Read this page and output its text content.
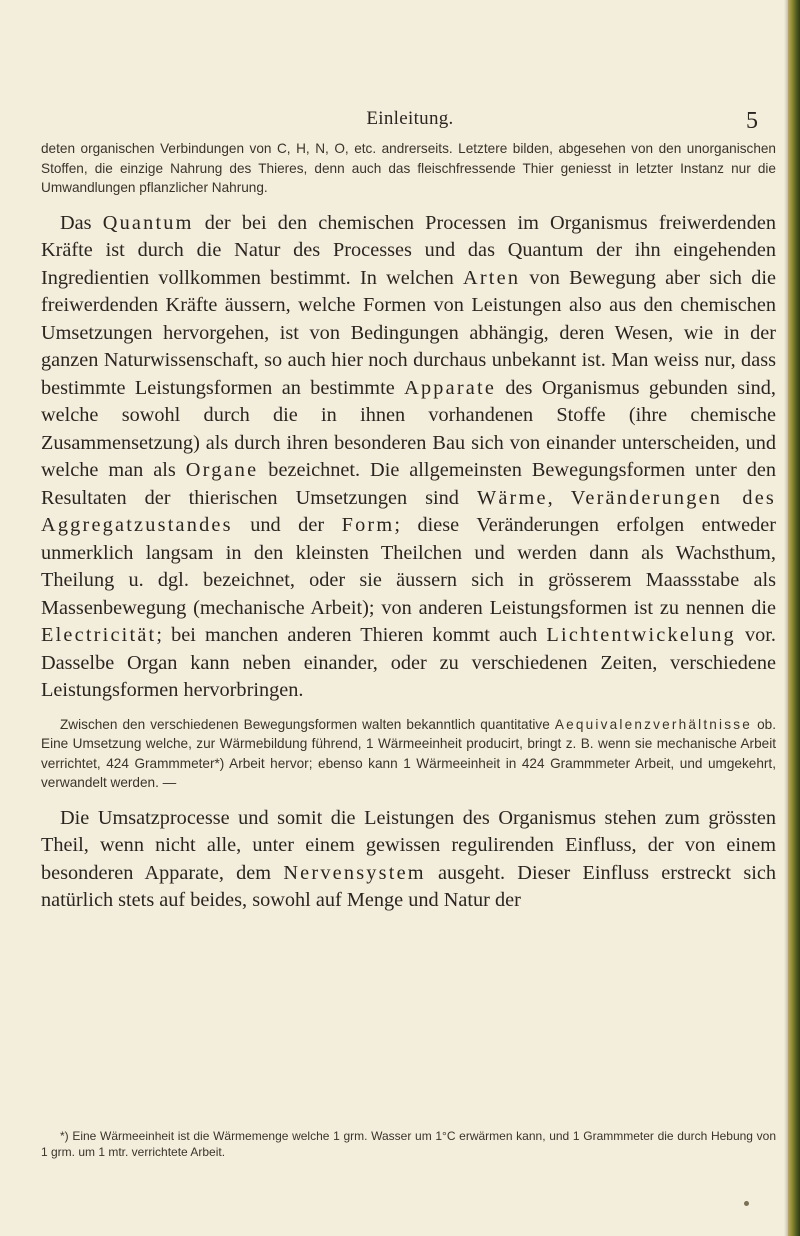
Einleitung.	5

deten organischen Verbindungen von C, H, N, O, etc. andrerseits. Letztere bilden, abgesehen von den unorganischen Stoffen, die einzige Nahrung des Thieres, denn auch das fleischfressende Thier geniesst in letzter Instanz nur die Umwandlungen pflanzlicher Nahrung.

Das Quantum der bei den chemischen Processen im Organismus freiwerdenden Kräfte ist durch die Natur des Processes und das Quantum der ihn eingehenden Ingredientien vollkommen bestimmt. In welchen Arten von Bewegung aber sich die freiwerdenden Kräfte äussern, welche Formen von Leistungen also aus den chemischen Umsetzungen hervorgehen, ist von Bedingungen abhängig, deren Wesen, wie in der ganzen Naturwissenschaft, so auch hier noch durchaus unbekannt ist. Man weiss nur, dass bestimmte Leistungsformen an bestimmte Apparate des Organismus gebunden sind, welche sowohl durch die in ihnen vorhandenen Stoffe (ihre chemische Zusammensetzung) als durch ihren besonderen Bau sich von einander unterscheiden, und welche man als Organe bezeichnet. Die allgemeinsten Bewegungsformen unter den Resultaten der thierischen Umsetzungen sind Wärme, Veränderungen des Aggregatzustandes und der Form; diese Veränderungen erfolgen entweder unmerklich langsam in den kleinsten Theilchen und werden dann als Wachsthum, Theilung u. dgl. bezeichnet, oder sie äussern sich in grösserem Maassstabe als Massenbewegung (mechanische Arbeit); von anderen Leistungsformen ist zu nennen die Electricität; bei manchen anderen Thieren kommt auch Lichtentwickelung vor. Dasselbe Organ kann neben einander, oder zu verschiedenen Zeiten, verschiedene Leistungsformen hervorbringen.

Zwischen den verschiedenen Bewegungsformen walten bekanntlich quantitative Aequivalenzverhältnisse ob. Eine Umsetzung welche, zur Wärmebildung führend, 1 Wärmeeinheit producirt, bringt z. B. wenn sie mechanische Arbeit verrichtet, 424 Grammmeter*) Arbeit hervor; ebenso kann 1 Wärmeeinheit in 424 Grammmeter Arbeit, und umgekehrt, verwandelt werden. —

Die Umsatzprocesse und somit die Leistungen des Organismus stehen zum grössten Theil, wenn nicht alle, unter einem gewissen regulirenden Einfluss, der von einem besonderen Apparate, dem Nervensystem ausgeht. Dieser Einfluss erstreckt sich natürlich stets auf beides, sowohl auf Menge und Natur der

*) Eine Wärmeeinheit ist die Wärmemenge welche 1 grm. Wasser um 1°C erwärmen kann, und 1 Grammmeter die durch Hebung von 1 grm. um 1 mtr. verrichtete Arbeit.
